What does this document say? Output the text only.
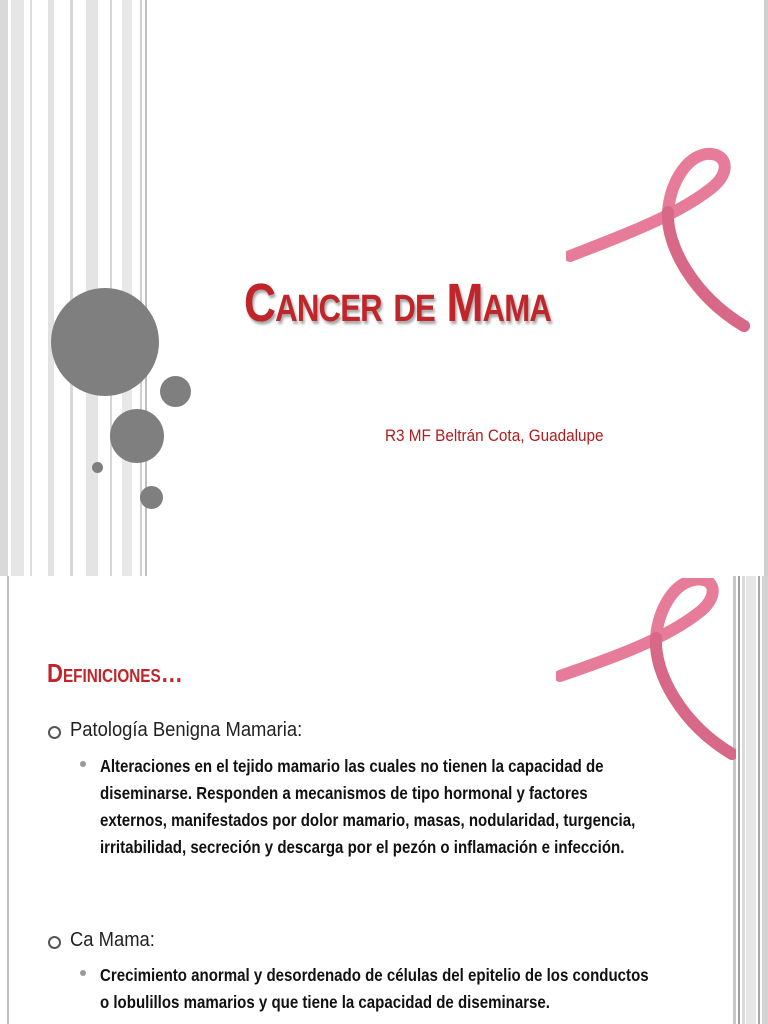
Cancer de Mama

R3 MF Beltrán Cota, Guadalupe

Definiciones…
Patología Benigna Mamaria:
Alteraciones en el tejido mamario las cuales no tienen la capacidad de diseminarse. Responden a mecanismos de tipo hormonal y factores externos, manifestados por dolor mamario, masas, nodularidad, turgencia, irritabilidad, secreción y descarga por el pezón o inflamación e infección.
Ca Mama:
Crecimiento anormal y desordenado de células del epitelio de los conductos o lobulillos mamarios y que tiene la capacidad de diseminarse.
